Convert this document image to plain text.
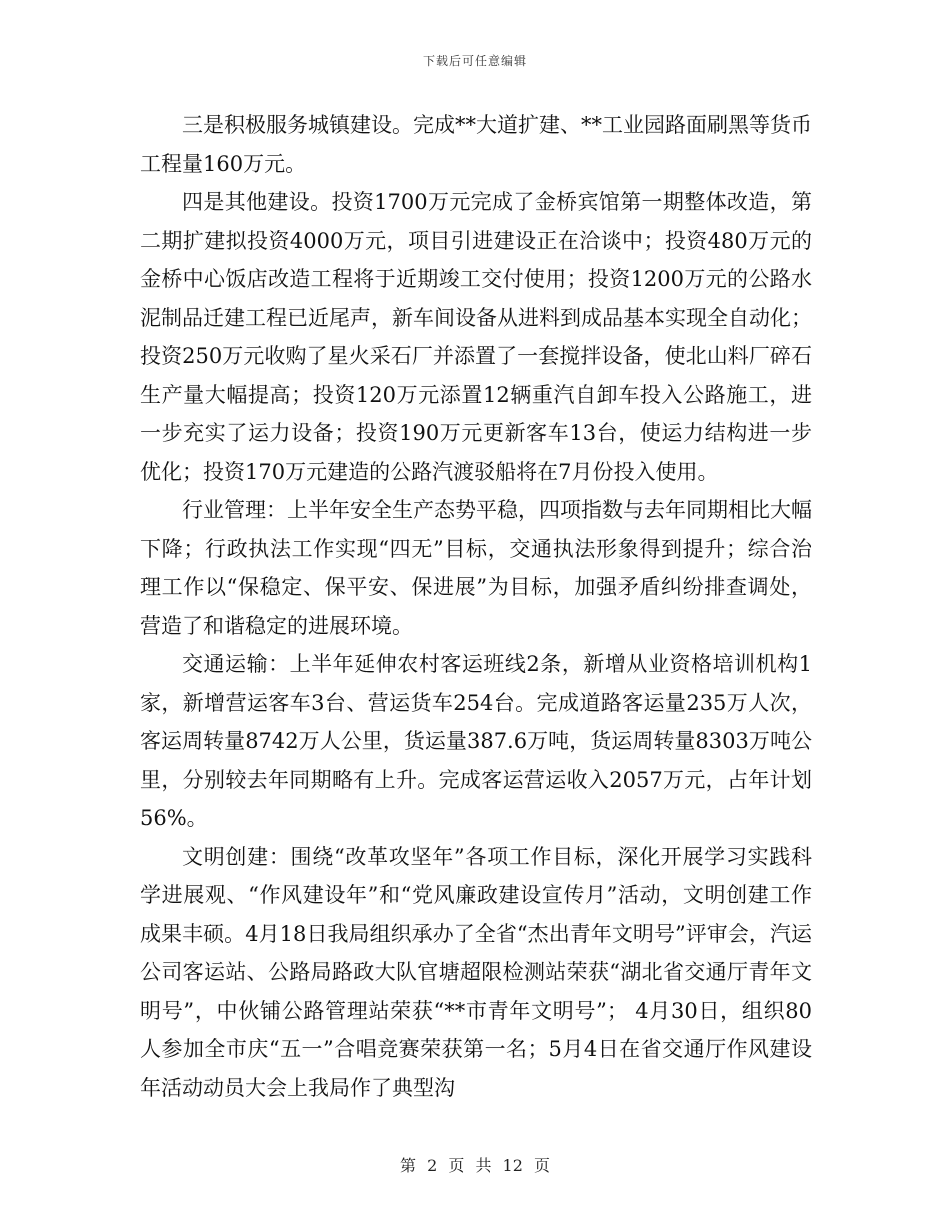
下载后可任意编辑

三是积极服务城镇建设。完成**大道扩建、**工业园路面刷黑等货币工程量160万元。

四是其他建设。投资1700万元完成了金桥宾馆第一期整体改造，第二期扩建拟投资4000万元，项目引进建设正在洽谈中；投资480万元的金桥中心饭店改造工程将于近期竣工交付使用；投资1200万元的公路水泥制品迁建工程已近尾声，新车间设备从进料到成品基本实现全自动化；投资250万元收购了星火采石厂并添置了一套搅拌设备，使北山料厂碎石生产量大幅提高；投资120万元添置12辆重汽自卸车投入公路施工，进一步充实了运力设备；投资190万元更新客车13台，使运力结构进一步优化；投资170万元建造的公路汽渡驳船将在7月份投入使用。

行业管理：上半年安全生产态势平稳，四项指数与去年同期相比大幅下降；行政执法工作实现“四无”目标，交通执法形象得到提升；综合治理工作以“保稳定、保平安、保进展”为目标，加强矛盾纠纷排查调处，营造了和谐稳定的进展环境。

交通运输：上半年延伸农村客运班线2条，新增从业资格培训机构1家，新增营运客车3台、营运货车254台。完成道路客运量235万人次，客运周转量8742万人公里，货运量387.6万吨，货运周转量8303万吨公里，分别较去年同期略有上升。完成客运营运收入2057万元，占年计划56%。

文明创建：围绕“改革攻坚年”各项工作目标，深化开展学习实践科学进展观、“作风建设年”和“党风廉政建设宣传月”活动，文明创建工作成果丰硕。4月18日我局组织承办了全省“杰出青年文明号”评审会，汽运公司客运站、公路局路政大队官塘超限检测站荣获“湖北省交通厅青年文明号”，中伙铺公路管理站荣获“**市青年文明号”； 4月30日，组织80人参加全市庆“五一”合唱竞赛荣获第一名；5月4日在省交通厅作风建设年活动动员大会上我局作了典型沟

第 2 页 共 12 页
